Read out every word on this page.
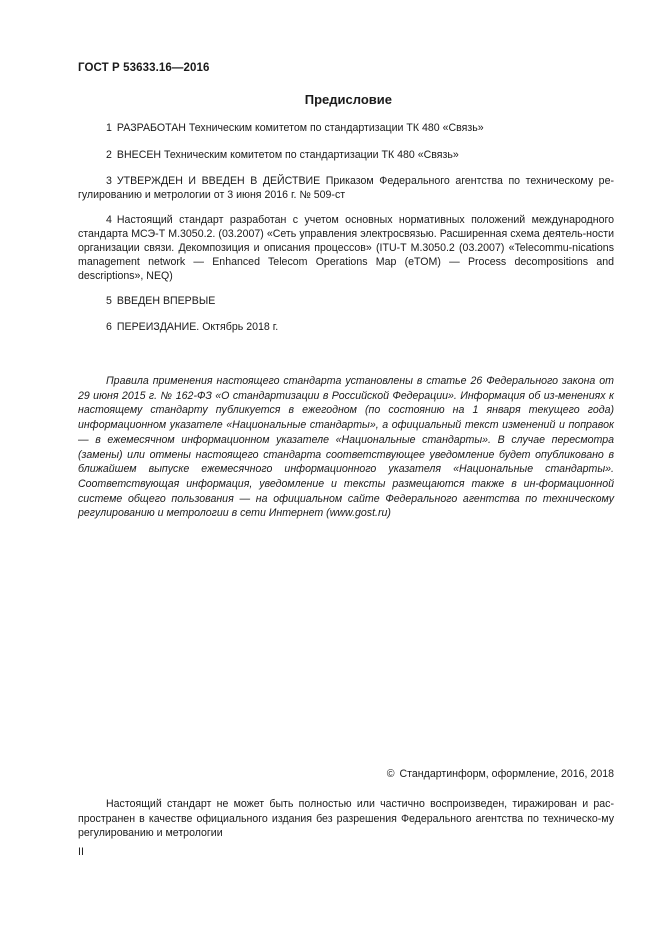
ГОСТ Р 53633.16—2016
Предисловие
1 РАЗРАБОТАН Техническим комитетом по стандартизации ТК 480 «Связь»
2 ВНЕСЕН Техническим комитетом по стандартизации ТК 480 «Связь»
3 УТВЕРЖДЕН И ВВЕДЕН В ДЕЙСТВИЕ Приказом Федерального агентства по техническому ре-гулированию и метрологии от 3 июня 2016 г. № 509-ст
4 Настоящий стандарт разработан с учетом основных нормативных положений международного стандарта МСЭ-Т М.3050.2. (03.2007) «Сеть управления электросвязью. Расширенная схема деятель-ности организации связи. Декомпозиция и описания процессов» (ITU-T M.3050.2 (03.2007) «Telecommu-nications management network — Enhanced Telecom Operations Map (eTOM) — Process decompositions and descriptions», NEQ)
5 ВВЕДЕН ВПЕРВЫЕ
6 ПЕРЕИЗДАНИЕ. Октябрь 2018 г.
Правила применения настоящего стандарта установлены в статье 26 Федерального закона от 29 июня 2015 г. № 162-ФЗ «О стандартизации в Российской Федерации». Информация об из-менениях к настоящему стандарту публикуется в ежегодном (по состоянию на 1 января текущего года) информационном указателе «Национальные стандарты», а официальный текст изменений и поправок — в ежемесячном информационном указателе «Национальные стандарты». В случае пересмотра (замены) или отмены настоящего стандарта соответствующее уведомление будет опубликовано в ближайшем выпуске ежемесячного информационного указателя «Национальные стандарты». Соответствующая информация, уведомление и тексты размещаются также в ин-формационной системе общего пользования — на официальном сайте Федерального агентства по техническому регулированию и метрологии в сети Интернет (www.gost.ru)
© Стандартинформ, оформление, 2016, 2018
Настоящий стандарт не может быть полностью или частично воспроизведен, тиражирован и рас-пространен в качестве официального издания без разрешения Федерального агентства по техническо-му регулированию и метрологии
II
